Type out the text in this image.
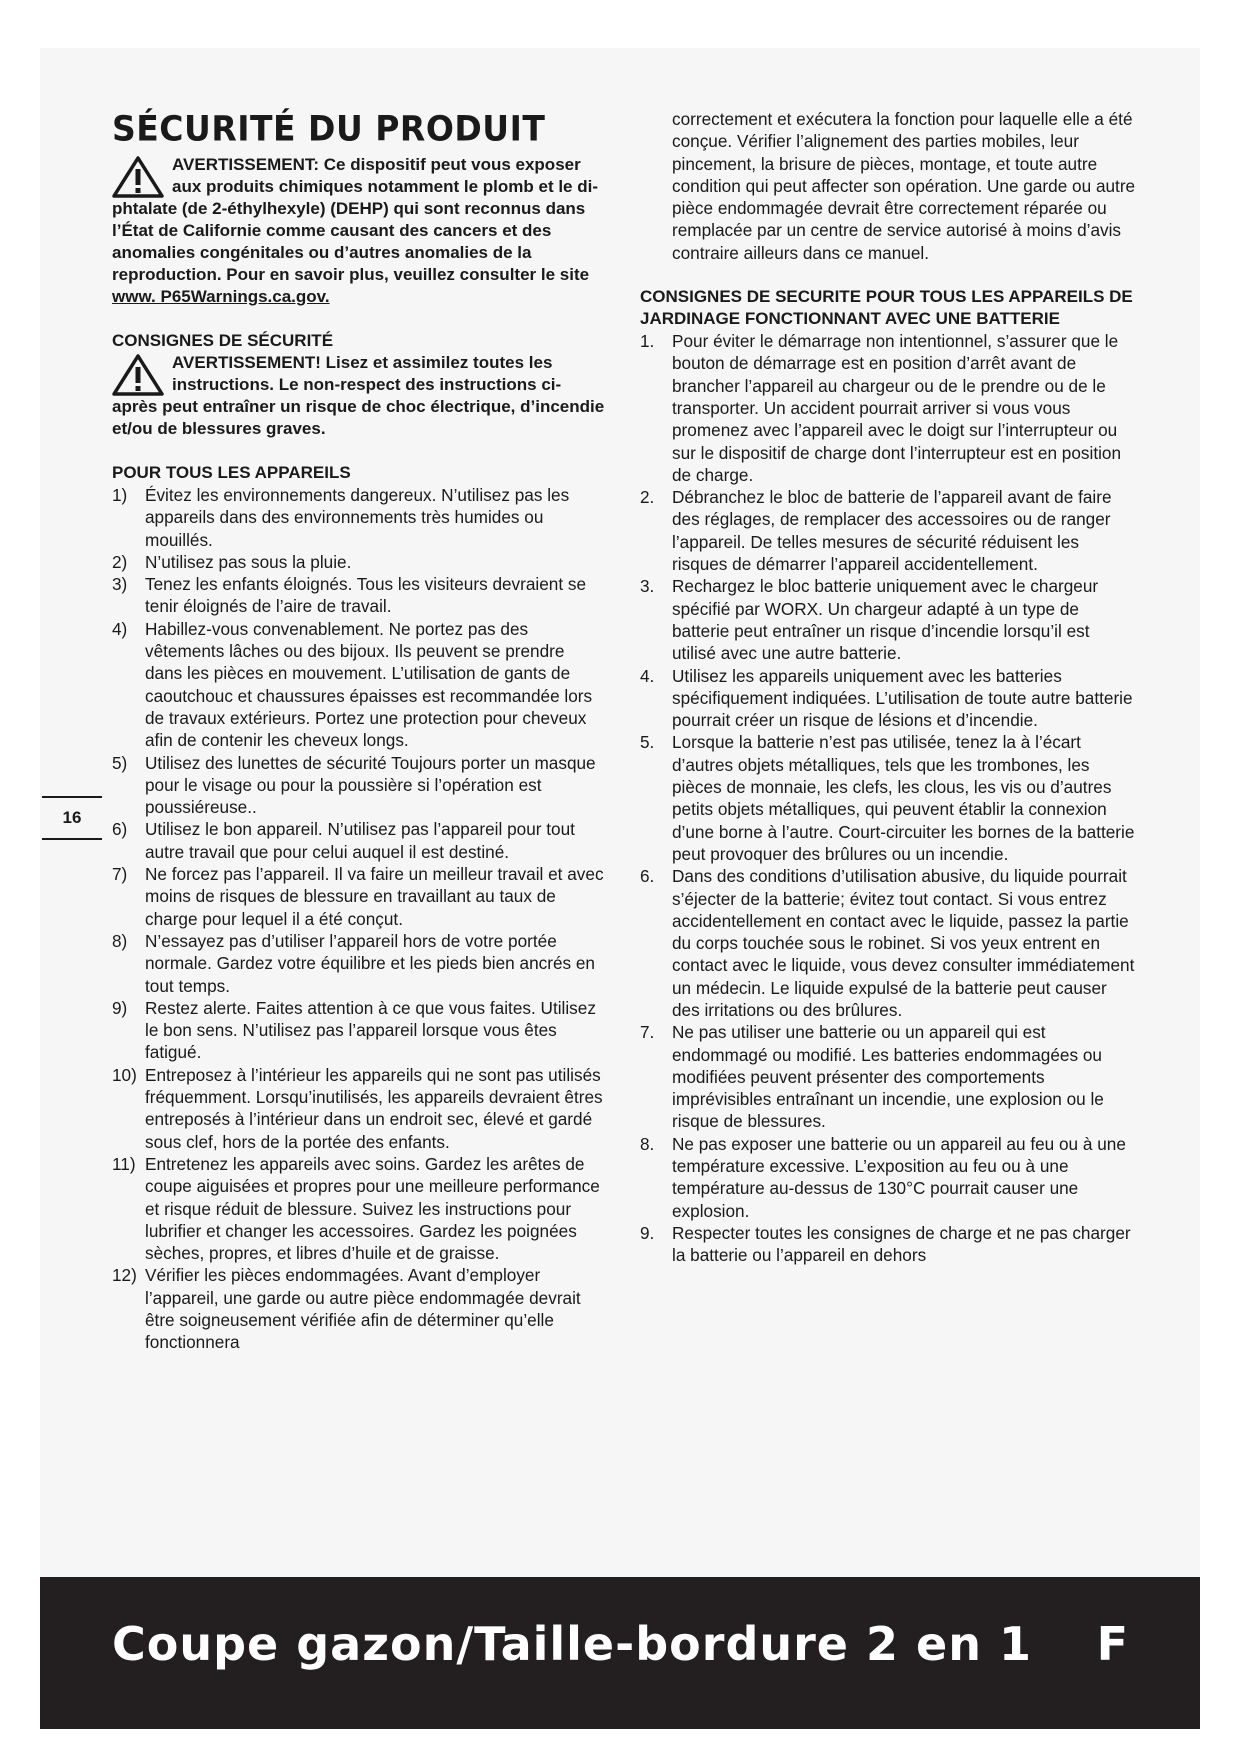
SÉCURITÉ DU PRODUIT
AVERTISSEMENT: Ce dispositif peut vous exposer aux produits chimiques notamment le plomb et le di-phtalate (de 2-éthylhexyle) (DEHP) qui sont reconnus dans l’État de Californie comme causant des cancers et des anomalies congénitales ou d’autres anomalies de la reproduction. Pour en savoir plus, veuillez consulter le site www. P65Warnings.ca.gov.
CONSIGNES DE SÉCURITÉ
AVERTISSEMENT! Lisez et assimilez toutes les instructions. Le non-respect des instructions ci-après peut entraîner un risque de choc électrique, d’incendie et/ou de blessures graves.
POUR TOUS LES APPAREILS
1) Évitez les environnements dangereux. N’utilisez pas les appareils dans des environnements très humides ou mouillés.
2) N’utilisez pas sous la pluie.
3) Tenez les enfants éloignés. Tous les visiteurs devraient se tenir éloignés de l’aire de travail.
4) Habillez-vous convenablement. Ne portez pas des vêtements lâches ou des bijoux. Ils peuvent se prendre dans les pièces en mouvement. L’utilisation de gants de caoutchouc et chaussures épaisses est recommandée lors de travaux extérieurs. Portez une protection pour cheveux afin de contenir les cheveux longs.
5) Utilisez des lunettes de sécurité Toujours porter un masque pour le visage ou pour la poussière si l’opération est poussiéreuse..
6) Utilisez le bon appareil. N’utilisez pas l’appareil pour tout autre travail que pour celui auquel il est destiné.
7) Ne forcez pas l’appareil. Il va faire un meilleur travail et avec moins de risques de blessure en travaillant au taux de charge pour lequel il a été conçut.
8) N’essayez pas d’utiliser l’appareil hors de votre portée normale. Gardez votre équilibre et les pieds bien ancrés en tout temps.
9) Restez alerte. Faites attention à ce que vous faites. Utilisez le bon sens. N’utilisez pas l’appareil lorsque vous êtes fatigué.
10) Entreposez à l’intérieur les appareils qui ne sont pas utilisés fréquemment. Lorsqu’inutilisés, les appareils devraient êtres entreposés à l’intérieur dans un endroit sec, élevé et gardé sous clef, hors de la portée des enfants.
11) Entretenez les appareils avec soins. Gardez les arêtes de coupe aiguisées et propres pour une meilleure performance et risque réduit de blessure. Suivez les instructions pour lubrifier et changer les accessoires. Gardez les poignées sèches, propres, et libres d’huile et de graisse.
12) Vérifier les pièces endommagées. Avant d’employer l’appareil, une garde ou autre pièce endommagée devrait être soigneusement vérifiée afin de déterminer qu’elle fonctionnera

correctement et exécutera la fonction pour laquelle elle a été conçue. Vérifier l’alignement des parties mobiles, leur pincement, la brisure de pièces, montage, et toute autre condition qui peut affecter son opération. Une garde ou autre pièce endommagée devrait être correctement réparée ou remplacée par un centre de service autorisé à moins d’avis contraire ailleurs dans ce manuel.

CONSIGNES DE SECURITE POUR TOUS LES APPAREILS DE JARDINAGE FONCTIONNANT AVEC UNE BATTERIE
1. Pour éviter le démarrage non intentionnel, s’assurer que le bouton de démarrage est en position d’arrêt avant de brancher l’appareil au chargeur ou de le prendre ou de le transporter. Un accident pourrait arriver si vous vous promenez avec l’appareil avec le doigt sur l’interrupteur ou sur le dispositif de charge dont l’interrupteur est en position de charge.
2. Débranchez le bloc de batterie de l’appareil avant de faire des réglages, de remplacer des accessoires ou de ranger l’appareil. De telles mesures de sécurité réduisent les risques de démarrer l’appareil accidentellement.
3. Rechargez le bloc batterie uniquement avec le chargeur spécifié par WORX. Un chargeur adapté à un type de batterie peut entraîner un risque d’incendie lorsqu’il est utilisé avec une autre batterie.
4. Utilisez les appareils uniquement avec les batteries spécifiquement indiquées. L’utilisation de toute autre batterie pourrait créer un risque de lésions et d’incendie.
5. Lorsque la batterie n’est pas utilisée, tenez la à l’écart d’autres objets métalliques, tels que les trombones, les pièces de monnaie, les clefs, les clous, les vis ou d’autres petits objets métalliques, qui peuvent établir la connexion d’une borne à l’autre. Court-circuiter les bornes de la batterie peut provoquer des brûlures ou un incendie.
6. Dans des conditions d’utilisation abusive, du liquide pourrait s’éjecter de la batterie; évitez tout contact. Si vous entrez accidentellement en contact avec le liquide, passez la partie du corps touchée sous le robinet. Si vos yeux entrent en contact avec le liquide, vous devez consulter immédiatement un médecin. Le liquide expulsé de la batterie peut causer des irritations ou des brûlures.
7. Ne pas utiliser une batterie ou un appareil qui est endommagé ou modifié. Les batteries endommagées ou modifiées peuvent présenter des comportements imprévisibles entraînant un incendie, une explosion ou le risque de blessures.
8. Ne pas exposer une batterie ou un appareil au feu ou à une température excessive. L’exposition au feu ou à une température au-dessus de 130°C pourrait causer une explosion.
9. Respecter toutes les consignes de charge et ne pas charger la batterie ou l’appareil en dehors
16
Coupe gazon/Taille-bordure 2 en 1 F
